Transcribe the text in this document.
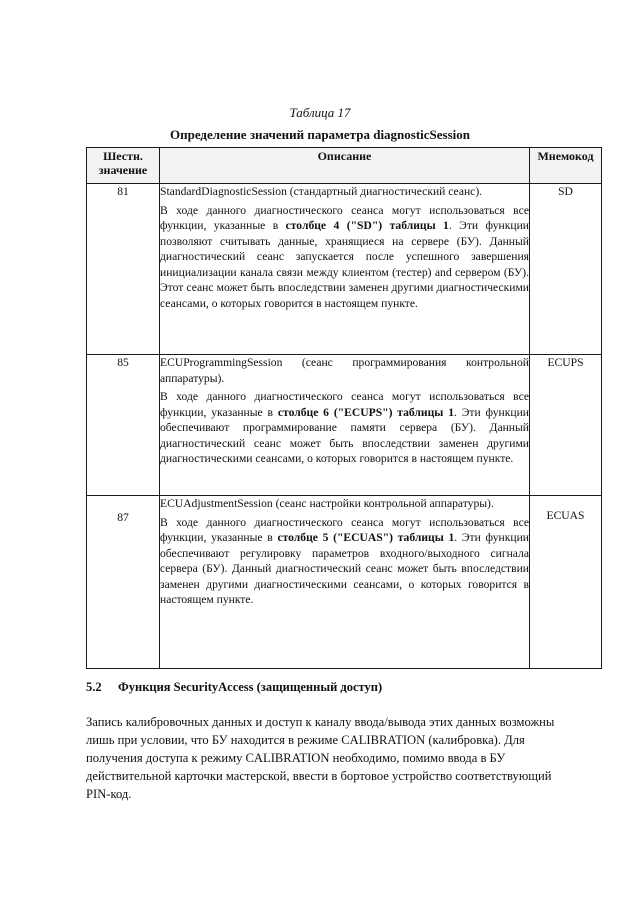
Таблица 17
Определение значений параметра diagnosticSession
Шестн.
значение	Описание	Мнемокод
81	StandardDiagnosticSession (стандартный диагностический сеанс).

В ходе данного диагностического сеанса могут использоваться все функции, указанные в столбце 4 ("SD") таблицы 1. Эти функции позволяют считывать данные, хранящиеся на сервере (БУ). Данный диагностический сеанс запускается после успешного завершения инициализации канала связи между клиентом (тестер) and сервером (БУ). Этот сеанс может быть впоследствии заменен другими диагностическими сеансами, о которых говорится в настоящем пункте.	SD
85	ECUProgrammingSession (сеанс программирования контрольной аппаратуры).

В ходе данного диагностического сеанса могут использоваться все функции, указанные в столбце 6 ("ECUPS") таблицы 1. Эти функции обеспечивают программирование памяти сервера (БУ). Данный диагностический сеанс может быть впоследствии заменен другими диагностическими сеансами, о которых говорится в настоящем пункте.	ECUPS
87	ECUAdjustmentSession (сеанс настройки контрольной аппаратуры).

В ходе данного диагностического сеанса могут использоваться все функции, указанные в столбце 5 ("ECUAS") таблицы 1. Эти функции обеспечивают регулировку параметров входного/выходного сигнала сервера (БУ). Данный диагностический сеанс может быть впоследствии заменен другими диагностическими сеансами, о которых говорится в настоящем пункте.	ECUAS
5.2 Функция SecurityAccess (защищенный доступ)
Запись калибровочных данных и доступ к каналу ввода/вывода этих данных возможны лишь при условии, что БУ находится в режиме CALIBRATION (калибровка). Для получения доступа к режиму CALIBRATION необходимо, помимо ввода в БУ действительной карточки мастерской, ввести в бортовое устройство соответствующий PIN-код.
